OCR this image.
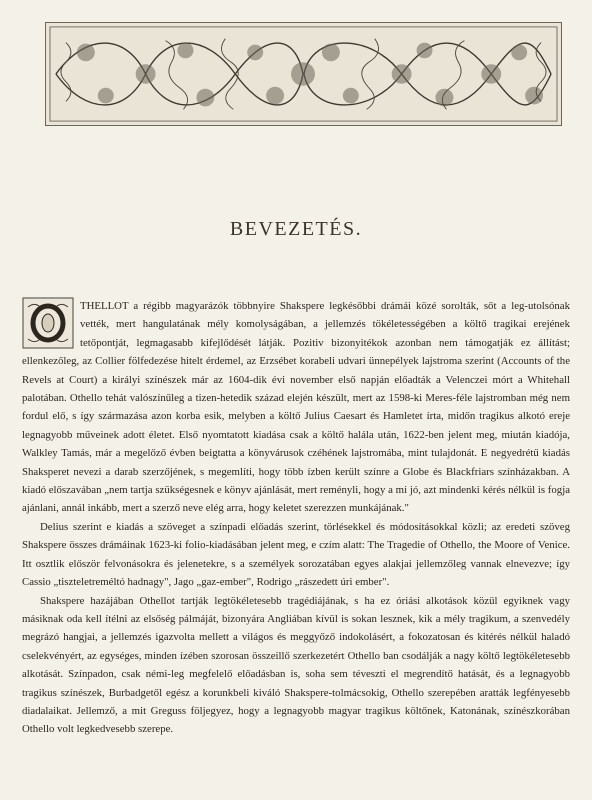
BEVEZETÉS.

THELLOT a régibb magyarázók többnyire Shakspere legkésőbbi drámái közé sorolták, sőt a leg-utolsónak vették, mert hangulatának mély komolyságában, a jellemzés tökéletességében a költő tragikai erejének tetőpontját, legmagasabb kifejlődését látják. Pozitiv bizonyitékok azonban nem támogatják ez állítást; ellenkezőleg, az Collier fölfedezése hitelt érdemel, az Erzsébet korabeli udvari ünnepélyek lajstroma szerint (Accounts of the Revels at Court) a királyi színészek már az 1604-dik évi november első napján előadták a Velenczei mórt a Whitehall palotában. Othello tehát valószínűleg a tizen-hetedik század elején készült, mert az 1598-ki Meres-féle lajstromban még nem fordul elő, s így származása azon korba esik, melyben a költő Julius Caesart és Hamletet írta, midőn tragikus alkotó ereje legnagyobb műveinek adott életet. Első nyomtatott kiadása csak a költő halála után, 1622-ben jelent meg, miután kiadója, Walkley Tamás, már a megelőző évben beigtatta a könyvárusok czéhének lajstromába, mint tulajdonát. E negyedrétű kiadás Shaksperet nevezi a darab szerzőjének, s megemlíti, hogy több ízben került színre a Globe és Blackfriars színházakban. A kiadó előszavában „nem tartja szükségesnek e könyv ajánlását, mert reményli, hogy a mi jó, azt mindenki kérés nélkül is fogja ajánlani, annál inkább, mert a szerző neve elég arra, hogy keletet szerezzen munkájának."

Delius szerint e kiadás a szöveget a színpadi előadás szerint, törlésekkel és módosításokkal közli; az eredeti szöveg Shakspere összes drámáinak 1623-ki folio-kiadásában jelent meg, e czím alatt: The Tragedie of Othello, the Moore of Venice. Itt osztlik először felvonásokra és jelenetekre, s a személyek sorozatában egyes alakjai jellemzőleg vannak elnevezve; így Cassio „tiszteletreméltó hadnagy", Jago „gaz-ember", Rodrigo „rászedett úri ember".

Shakspere hazájában Othellot tartják legtökéletesebb tragédiájának, s ha ez óriási alkotások közül egyiknek vagy másiknak oda kell ítélni az elsőség pálmáját, bizonyára Angliában kívül is sokan lesznek, kik a mély tragikum, a szenvedély megrázó hangjai, a jellemzés igazvolta mellett a világos és meggyőző indokolásért, a fokozatosan és kitérés nélkül haladó cselekvényért, az egységes, minden ízében szorosan összeillő szerkezetért Othello ban csodálják a nagy költő legtökéletesebb alkotását. Színpadon, csak némi-leg megfelelő előadásban is, soha sem téveszti el megrendítő hatását, és a legnagyobb tragikus színészek, Burbadgetől egész a korunkbeli kiváló Shakspere-tolmácsokig, Othello szerepében aratták legfényesebb diadalaikat. Jellemző, a mit Greguss följegyez, hogy a legnagyobb magyar tragikus költőnek, Katonának, színészkorában Othello volt legkedvesebb szerepe.
